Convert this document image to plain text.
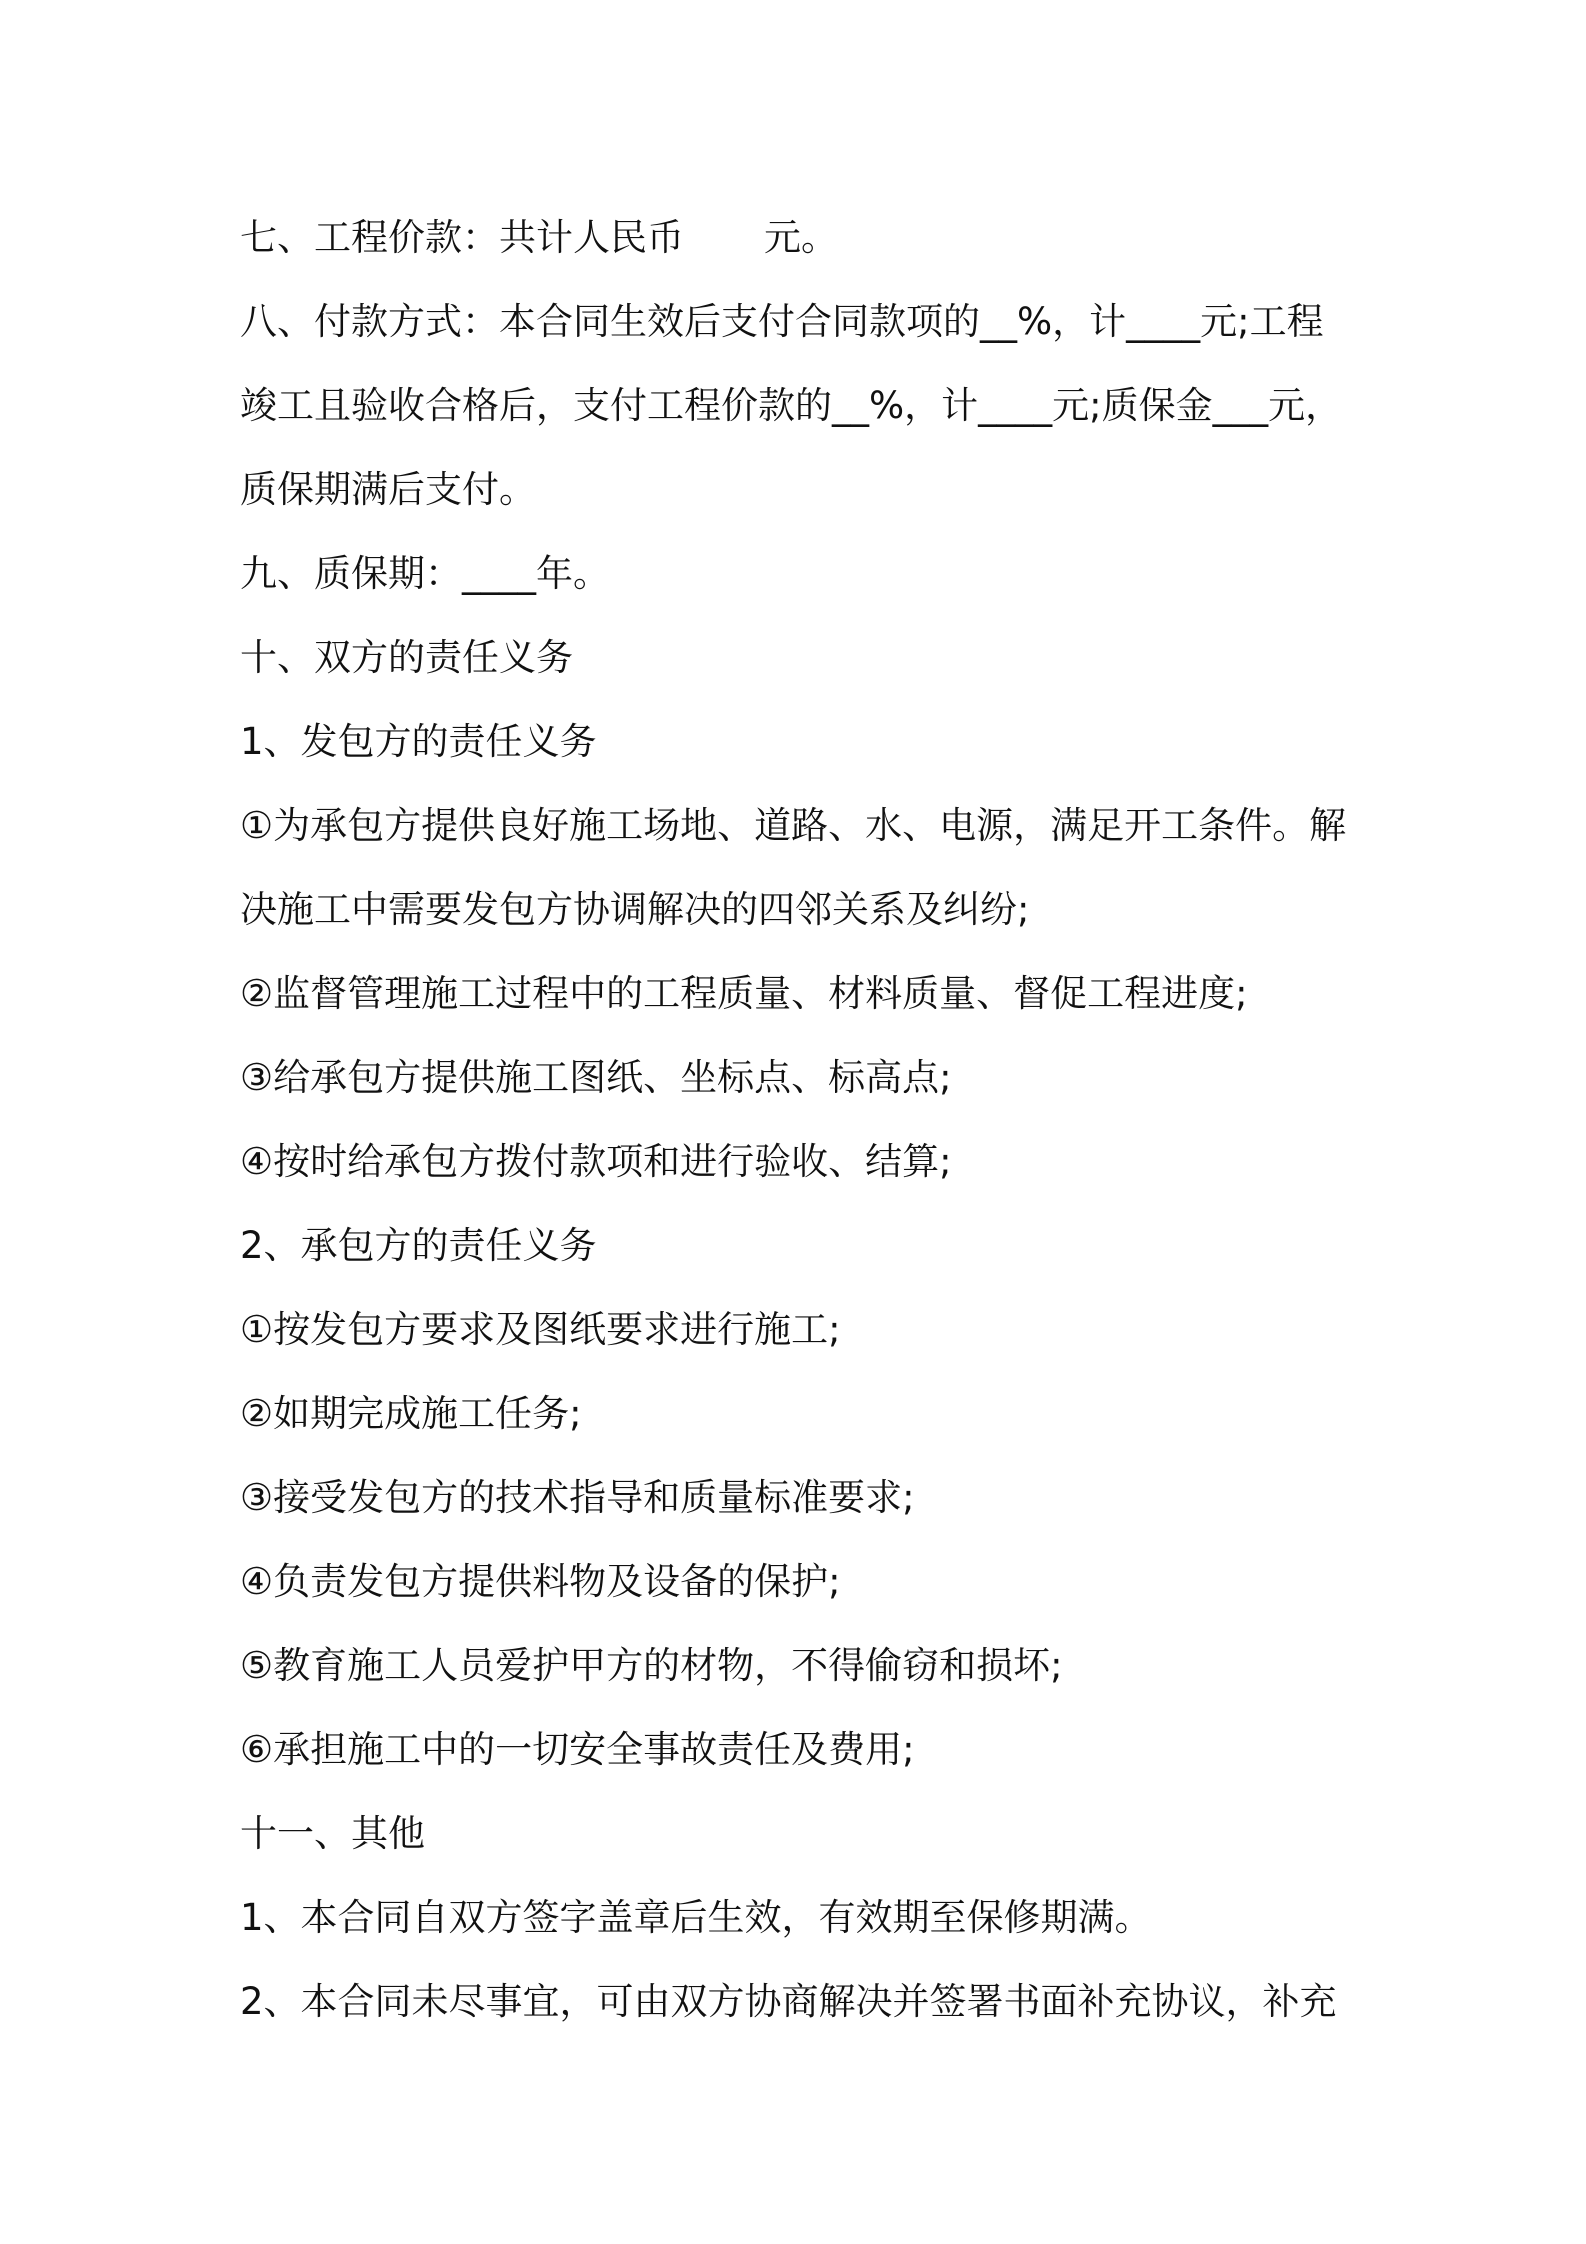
七、工程价款：共计人民币 元。
八、付款方式：本合同生效后支付合同款项的__%，计____元;工程
竣工且验收合格后，支付工程价款的__%，计____元;质保金___元，
质保期满后支付。
九、质保期：____年。
十、双方的责任义务
1、发包方的责任义务
①为承包方提供良好施工场地、道路、水、电源，满足开工条件。解
决施工中需要发包方协调解决的四邻关系及纠纷;
②监督管理施工过程中的工程质量、材料质量、督促工程进度;
③给承包方提供施工图纸、坐标点、标高点;
④按时给承包方拨付款项和进行验收、结算;
2、承包方的责任义务
①按发包方要求及图纸要求进行施工;
②如期完成施工任务;
③接受发包方的技术指导和质量标准要求;
④负责发包方提供料物及设备的保护;
⑤教育施工人员爱护甲方的材物，不得偷窃和损坏;
⑥承担施工中的一切安全事故责任及费用;
十一、其他
1、本合同自双方签字盖章后生效，有效期至保修期满。
2、本合同未尽事宜，可由双方协商解决并签署书面补充协议，补充
